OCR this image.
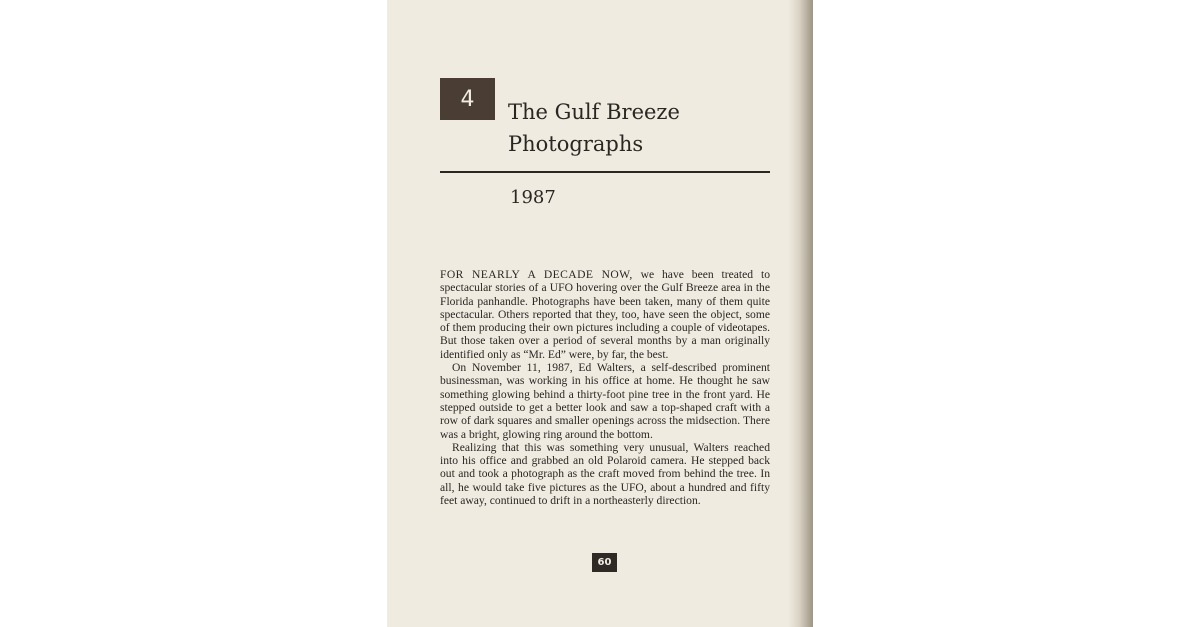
4
The Gulf Breeze
Photographs
1987

FOR NEARLY A DECADE NOW, we have been treated to spectacular stories of a UFO hovering over the Gulf Breeze area in the Florida panhandle. Photographs have been taken, many of them quite spectacular. Others reported that they, too, have seen the object, some of them producing their own pictures including a couple of videotapes. But those taken over a period of several months by a man originally identified only as “Mr. Ed” were, by far, the best.

On November 11, 1987, Ed Walters, a self-described prominent businessman, was working in his office at home. He thought he saw something glowing behind a thirty-foot pine tree in the front yard. He stepped outside to get a better look and saw a top-shaped craft with a row of dark squares and smaller openings across the midsection. There was a bright, glowing ring around the bottom.

Realizing that this was something very unusual, Walters reached into his office and grabbed an old Polaroid camera. He stepped back out and took a photograph as the craft moved from behind the tree. In all, he would take five pictures as the UFO, about a hundred and fifty feet away, continued to drift in a northeasterly direction.

60
